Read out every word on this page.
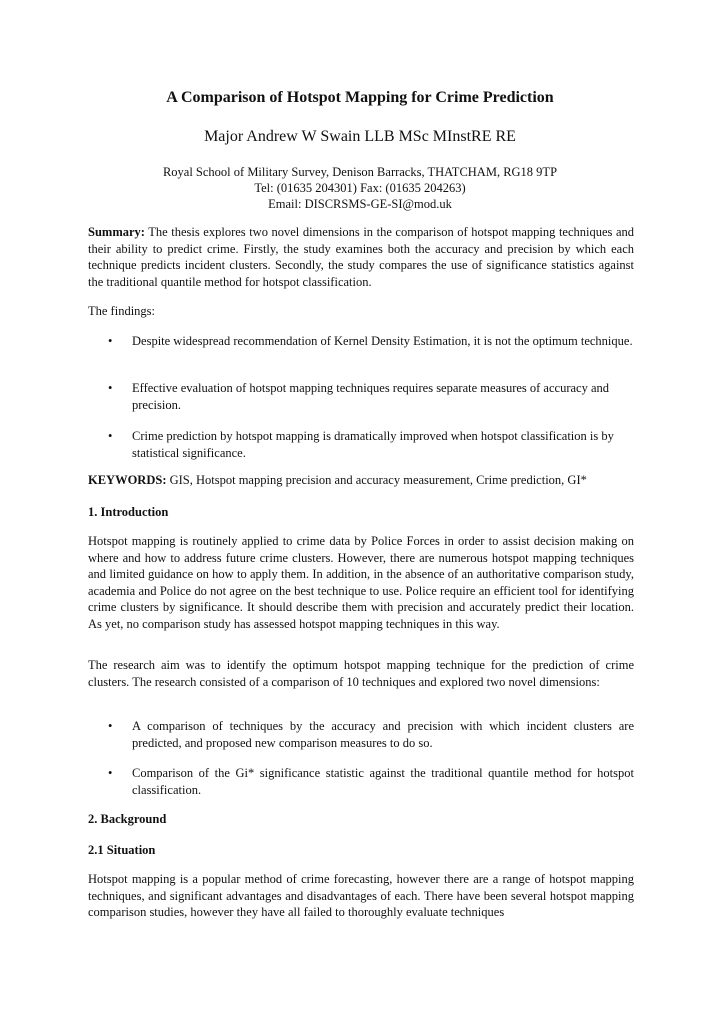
A Comparison of Hotspot Mapping for Crime Prediction
Major Andrew W Swain LLB MSc MInstRE RE
Royal School of Military Survey, Denison Barracks, THATCHAM, RG18 9TP
Tel: (01635 204301) Fax: (01635 204263)
Email: DISCRSMS-GE-SI@mod.uk
Summary: The thesis explores two novel dimensions in the comparison of hotspot mapping techniques and their ability to predict crime. Firstly, the study examines both the accuracy and precision by which each technique predicts incident clusters. Secondly, the study compares the use of significance statistics against the traditional quantile method for hotspot classification.
The findings:
•	Despite widespread recommendation of Kernel Density Estimation, it is not the optimum technique.
•	Effective evaluation of hotspot mapping techniques requires separate measures of accuracy and precision.
•	Crime prediction by hotspot mapping is dramatically improved when hotspot classification is by statistical significance.
KEYWORDS: GIS, Hotspot mapping precision and accuracy measurement, Crime prediction, GI*
1. Introduction
Hotspot mapping is routinely applied to crime data by Police Forces in order to assist decision making on where and how to address future crime clusters. However, there are numerous hotspot mapping techniques and limited guidance on how to apply them. In addition, in the absence of an authoritative comparison study, academia and Police do not agree on the best technique to use. Police require an efficient tool for identifying crime clusters by significance. It should describe them with precision and accurately predict their location. As yet, no comparison study has assessed hotspot mapping techniques in this way.
The research aim was to identify the optimum hotspot mapping technique for the prediction of crime clusters. The research consisted of a comparison of 10 techniques and explored two novel dimensions:
•	A comparison of techniques by the accuracy and precision with which incident clusters are predicted, and proposed new comparison measures to do so.
•	Comparison of the Gi* significance statistic against the traditional quantile method for hotspot classification.
2. Background
2.1 Situation
Hotspot mapping is a popular method of crime forecasting, however there are a range of hotspot mapping techniques, and significant advantages and disadvantages of each. There have been several hotspot mapping comparison studies, however they have all failed to thoroughly evaluate techniques
